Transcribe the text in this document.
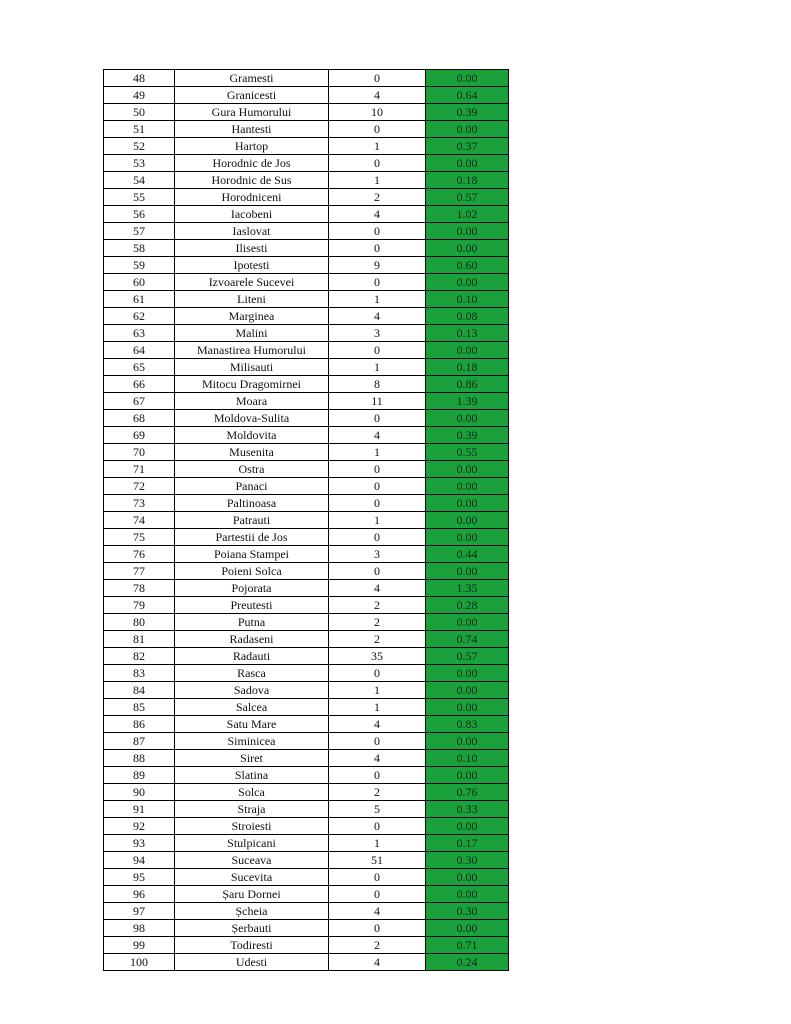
48	Gramesti	0	0.00
49	Granicesti	4	0.64
50	Gura Humorului	10	0.39
51	Hantesti	0	0.00
52	Hartop	1	0.37
53	Horodnic de Jos	0	0.00
54	Horodnic de Sus	1	0.18
55	Horodniceni	2	0.57
56	Iacobeni	4	1.02
57	Iaslovat	0	0.00
58	Ilisesti	0	0.00
59	Ipotesti	9	0.60
60	Izvoarele Sucevei	0	0.00
61	Liteni	1	0.10
62	Marginea	4	0.08
63	Malini	3	0.13
64	Manastirea Humorului	0	0.00
65	Milisauti	1	0.18
66	Mitocu Dragomirnei	8	0.86
67	Moara	11	1.39
68	Moldova-Sulita	0	0.00
69	Moldovita	4	0.39
70	Musenita	1	0.55
71	Ostra	0	0.00
72	Panaci	0	0.00
73	Paltinoasa	0	0.00
74	Patrauti	1	0.00
75	Partestii de Jos	0	0.00
76	Poiana Stampei	3	0.44
77	Poieni Solca	0	0.00
78	Pojorata	4	1.35
79	Preutesti	2	0.28
80	Putna	2	0.00
81	Radaseni	2	0.74
82	Radauti	35	0.57
83	Rasca	0	0.00
84	Sadova	1	0.00
85	Salcea	1	0.00
86	Satu Mare	4	0.83
87	Siminicea	0	0.00
88	Siret	4	0.10
89	Slatina	0	0.00
90	Solca	2	0.76
91	Straja	5	0.33
92	Stroiesti	0	0.00
93	Stulpicani	1	0.17
94	Suceava	51	0.30
95	Sucevita	0	0.00
96	Șaru Dornei	0	0.00
97	Șcheia	4	0.30
98	Șerbauti	0	0.00
99	Todiresti	2	0.71
100	Udesti	4	0.24
